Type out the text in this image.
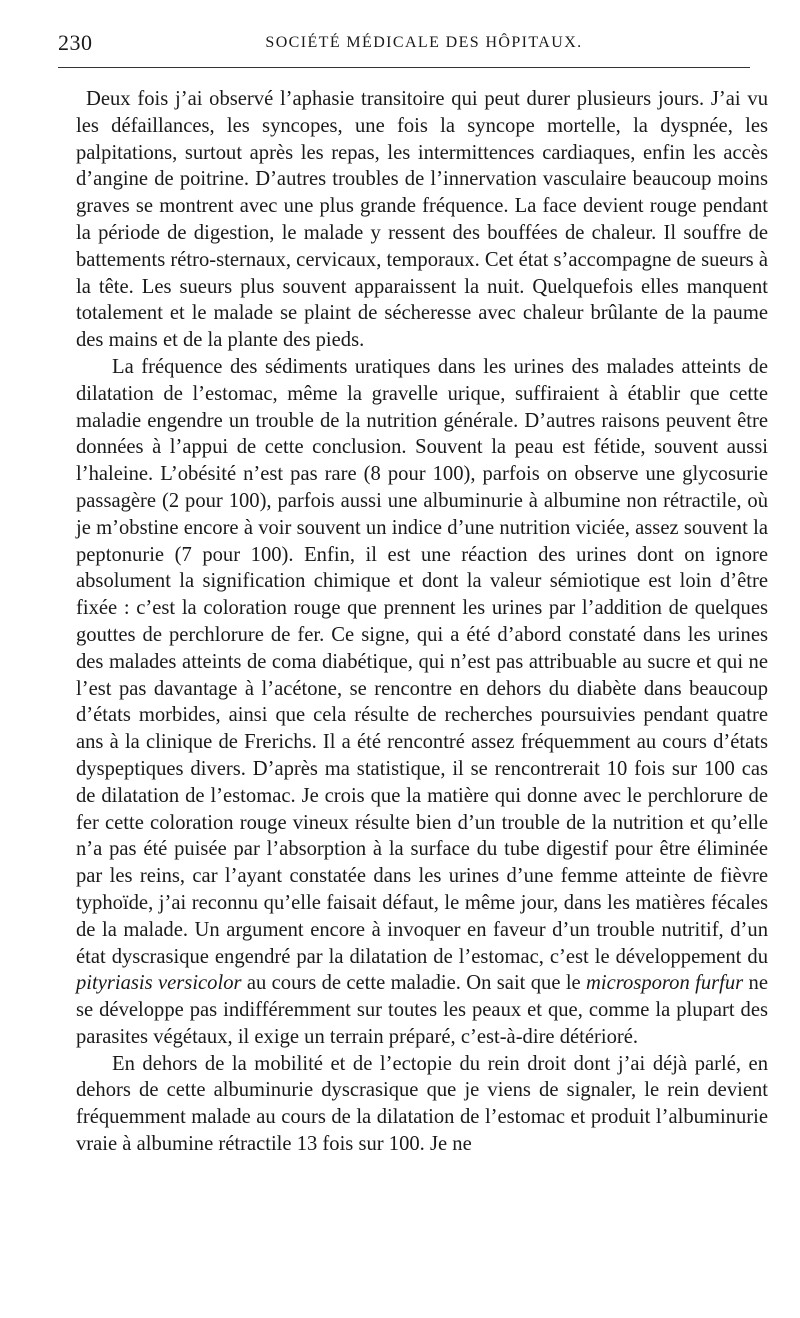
230	SOCIÉTÉ MÉDICALE DES HÔPITAUX.

Deux fois j’ai observé l’aphasie transitoire qui peut durer plusieurs jours. J’ai vu les défaillances, les syncopes, une fois la syncope mortelle, la dyspnée, les palpitations, surtout après les repas, les intermittences cardiaques, enfin les accès d’angine de poitrine. D’autres troubles de l’innervation vasculaire beaucoup moins graves se montrent avec une plus grande fréquence. La face devient rouge pendant la période de digestion, le malade y ressent des bouffées de chaleur. Il souffre de battements rétro-sternaux, cervicaux, temporaux. Cet état s’accompagne de sueurs à la tête. Les sueurs plus souvent apparaissent la nuit. Quelquefois elles manquent totalement et le malade se plaint de sécheresse avec chaleur brûlante de la paume des mains et de la plante des pieds.

La fréquence des sédiments uratiques dans les urines des malades atteints de dilatation de l’estomac, même la gravelle urique, suffiraient à établir que cette maladie engendre un trouble de la nutrition générale. D’autres raisons peuvent être données à l’appui de cette conclusion. Souvent la peau est fétide, souvent aussi l’haleine. L’obésité n’est pas rare (8 pour 100), parfois on observe une glycosurie passagère (2 pour 100), parfois aussi une albuminurie à albumine non rétractile, où je m’obstine encore à voir souvent un indice d’une nutrition viciée, assez souvent la peptonurie (7 pour 100). Enfin, il est une réaction des urines dont on ignore absolument la signification chimique et dont la valeur sémiotique est loin d’être fixée : c’est la coloration rouge que prennent les urines par l’addition de quelques gouttes de perchlorure de fer. Ce signe, qui a été d’abord constaté dans les urines des malades atteints de coma diabétique, qui n’est pas attribuable au sucre et qui ne l’est pas davantage à l’acétone, se rencontre en dehors du diabète dans beaucoup d’états morbides, ainsi que cela résulte de recherches poursuivies pendant quatre ans à la clinique de Frerichs. Il a été rencontré assez fréquemment au cours d’états dyspeptiques divers. D’après ma statistique, il se rencontrerait 10 fois sur 100 cas de dilatation de l’estomac. Je crois que la matière qui donne avec le perchlorure de fer cette coloration rouge vineux résulte bien d’un trouble de la nutrition et qu’elle n’a pas été puisée par l’absorption à la surface du tube digestif pour être éliminée par les reins, car l’ayant constatée dans les urines d’une femme atteinte de fièvre typhoïde, j’ai reconnu qu’elle faisait défaut, le même jour, dans les matières fécales de la malade. Un argument encore à invoquer en faveur d’un trouble nutritif, d’un état dyscrasique engendré par la dilatation de l’estomac, c’est le développement du pityriasis versicolor au cours de cette maladie. On sait que le microsporon furfur ne se développe pas indifféremment sur toutes les peaux et que, comme la plupart des parasites végétaux, il exige un terrain préparé, c’est-à-dire détérioré.

En dehors de la mobilité et de l’ectopie du rein droit dont j’ai déjà parlé, en dehors de cette albuminurie dyscrasique que je viens de signaler, le rein devient fréquemment malade au cours de la dilatation de l’estomac et produit l’albuminurie vraie à albumine rétractile 13 fois sur 100. Je ne
